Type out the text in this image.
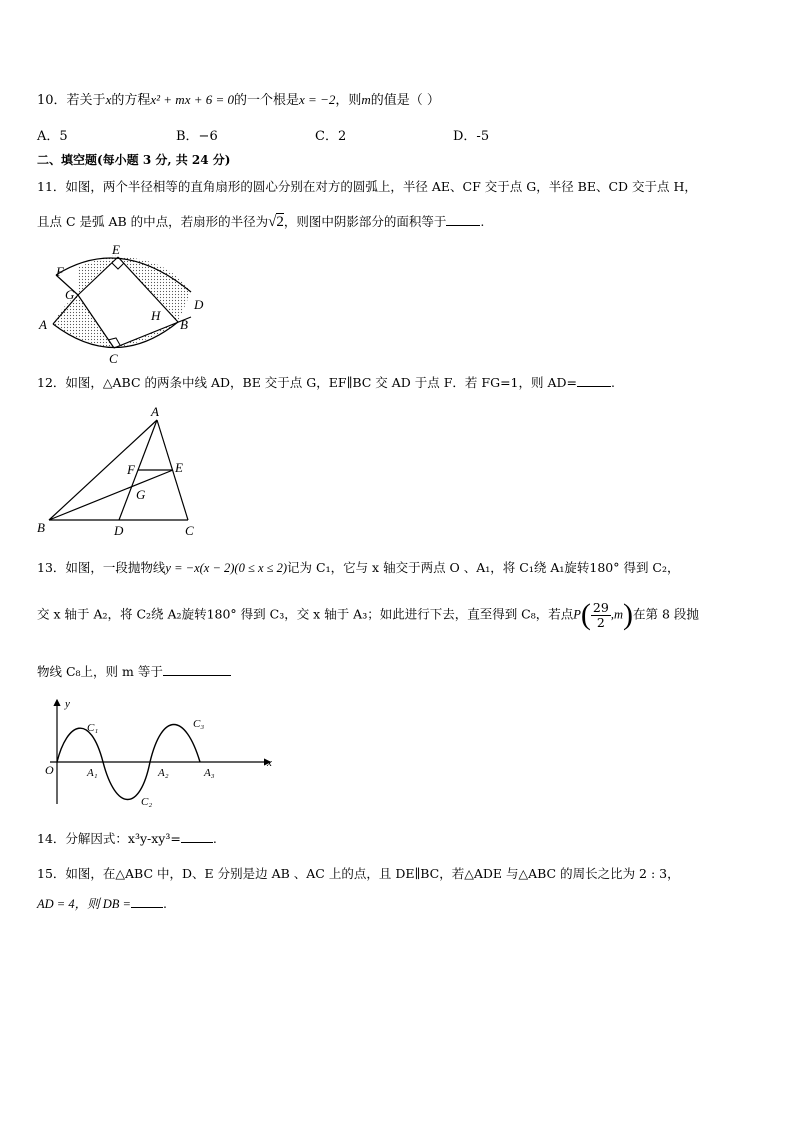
10．若关于x的方程x² + mx + 6 = 0的一个根是x = −2，则m的值是（ ）
A．5	B．−6	C．2	D．-5
二、填空题(每小题 3 分, 共 24 分)
11．如图，两个半径相等的直角扇形的圆心分别在对方的圆弧上，半径 AE、CF 交于点 G，半径 BE、CD 交于点 H，
且点 C 是弧 AB 的中点，若扇形的半径为√2，则图中阴影部分的面积等于	.
E
F
G
D
H
B
A
C
12．如图，△ABC 的两条中线 AD，BE 交于点 G，EF∥BC 交 AD 于点 F．若 FG=1，则 AD=	.
A
F	E
G
B	D	C
13．如图，一段抛物线y = −x(x − 2)(0 ≤ x ≤ 2)记为 C₁，它与 x 轴交于两点 O 、A₁，将 C₁绕 A₁旋转180° 得到 C₂，
交 x 轴于 A₂，将 C₂绕 A₂旋转180° 得到 C₃，交 x 轴于 A₃；如此进行下去，直至得到 C₈，若点$P( \frac{29}{2} ,m)$在第 8 段抛
物线 C₈上，则 m 等于
y
x
O
C₁
C₂
C₃
A₁	A₂	A₃
14．分解因式：x³y-xy³=	.
15．如图，在△ABC 中，D、E 分别是边 AB 、AC 上的点，且 DE∥BC，若△ADE 与△ABC 的周长之比为 2 : 3，
AD = 4，则 DB =	.
